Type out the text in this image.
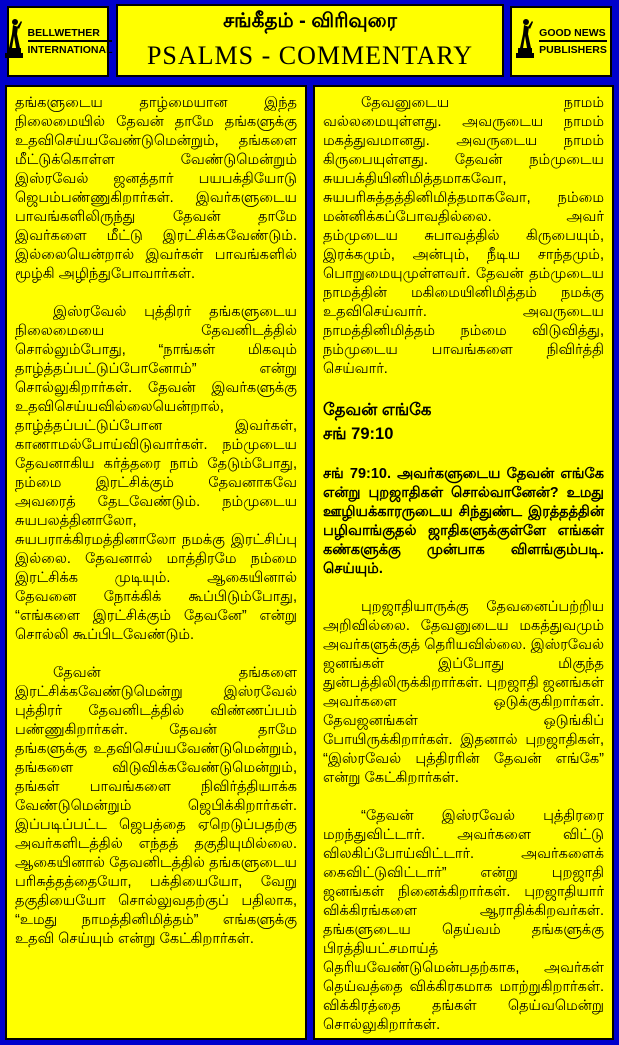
BELLWETHER
INTERNATIONAL
சங்கீதம் - விரிவுரை
PSALMS - COMMENTARY
GOOD NEWS
PUBLISHERS

தங்களுடைய தாழ்மையான இந்த நிலைமையில் தேவன் தாமே தங்களுக்கு உதவிசெய்யவேண்டுமென்றும், தங்களை மீட்டுக்கொள்ள வேண்டுமென்றும் இஸ்ரவேல் ஜனத்தார் பயபக்தியோடு ஜெபம்பண்ணுகிறார்கள். இவர்களுடைய பாவங்களிலிருந்து தேவன் தாமே இவர்களை மீட்டு இரட்சிக்கவேண்டும். இல்லையென்றால் இவர்கள் பாவங்களில் மூழ்கி அழிந்துபோவார்கள்.

இஸ்ரவேல் புத்திரர் தங்களுடைய நிலைமையை தேவனிடத்தில் சொல்லும்போது, “நாங்கள் மிகவும் தாழ்த்தப்பட்டுப்போனோம்” என்று சொல்லுகிறார்கள். தேவன் இவர்களுக்கு உதவிசெய்யவில்லையென்றால், தாழ்த்தப்பட்டுப்போன இவர்கள், காணாமல்போய்விடுவார்கள். நம்முடைய தேவனாகிய கர்த்தரை நாம் தேடும்போது, நம்மை இரட்சிக்கும் தேவனாகவே அவரைத் தேடவேண்டும். நம்முடைய சுயபலத்தினாலோ, சுயபராக்கிரமத்தினாலோ நமக்கு இரட்சிப்பு இல்லை. தேவனால் மாத்திரமே நம்மை இரட்சிக்க முடியும். ஆகையினால் தேவனை நோக்கிக் கூப்பிடும்போது, “எங்களை இரட்சிக்கும் தேவனே” என்று சொல்லி கூப்பிடவேண்டும்.

தேவன் தங்களை இரட்சிக்கவேண்டுமென்று இஸ்ரவேல் புத்திரர் தேவனிடத்தில் விண்ணப்பம் பண்ணுகிறார்கள். தேவன் தாமே தங்களுக்கு உதவிசெய்யவேண்டுமென்றும், தங்களை விடுவிக்கவேண்டுமென்றும், தங்கள் பாவங்களை நிவிர்த்தியாக்க வேண்டுமென்றும் ஜெபிக்கிறார்கள். இப்படிப்பட்ட ஜெபத்தை ஏறெடுப்பதற்கு அவர்களிடத்தில் எந்தத் தகுதியுமில்லை. ஆகையினால் தேவனிடத்தில் தங்களுடைய பரிசுத்தத்தையோ, பக்தியையோ, வேறு தகுதியையோ சொல்லுவதற்குப் பதிலாக, “உமது நாமத்தினிமித்தம்” எங்களுக்கு உதவி செய்யும் என்று கேட்கிறார்கள்.

தேவனுடைய நாமம் வல்லமையுள்ளது. அவருடைய நாமம் மகத்துவமானது. அவருடைய நாமம் கிருபையுள்ளது. தேவன் நம்முடைய சுயபக்தியினிமித்தமாகவோ, சுயபரிசுத்தத்தினிமித்தமாகவோ, நம்மை மன்னிக்கப்போவதில்லை. அவர் தம்முடைய சுபாவத்தில் கிருபையும், இரக்கமும், அன்பும், நீடிய சாந்தமும், பொறுமையுமுள்ளவர். தேவன் தம்முடைய நாமத்தின் மகிமையினிமித்தம் நமக்கு உதவிசெய்வார். அவருடைய நாமத்தினிமித்தம் நம்மை விடுவித்து, நம்முடைய பாவங்களை நிவிர்த்தி செய்வார்.

தேவன் எங்கே
சங் 79:10

சங் 79:10. அவர்களுடைய தேவன் எங்கே என்று புறஜாதிகள் சொல்வானேன்? உமது ஊழியக்காரருடைய சிந்துண்ட இரத்தத்தின் பழிவாங்குதல் ஜாதிகளுக்குள்ளே எங்கள் கண்களுக்கு முன்பாக விளங்கும்படி. செய்யும்.

புறஜாதியாருக்கு தேவனைப்பற்றிய அறிவில்லை. தேவனுடைய மகத்துவமும் அவர்களுக்குத் தெரியவில்லை. இஸ்ரவேல் ஜனங்கள் இப்போது மிகுந்த துன்பத்திலிருக்கிறார்கள். புறஜாதி ஜனங்கள் அவர்களை ஒடுக்குகிறார்கள். தேவஜனங்கள் ஒடுங்கிப் போயிருக்கிறார்கள். இதனால் புறஜாதிகள், “இஸ்ரவேல் புத்திரரின் தேவன் எங்கே” என்று கேட்கிறார்கள்.

“தேவன் இஸ்ரவேல் புத்திரரை மறந்துவிட்டார். அவர்களை விட்டு விலகிப்போய்விட்டார். அவர்களைக் கைவிட்டுவிட்டார்” என்று புறஜாதி ஜனங்கள் நினைக்கிறார்கள். புறஜாதியார் விக்கிரங்களை ஆராதிக்கிறவர்கள். தங்களுடைய தெய்வம் தங்களுக்கு பிரத்தியட்சமாய்த் தெரியவேண்டுமென்பதற்காக, அவர்கள் தெய்வத்தை விக்கிரகமாக மாற்றுகிறார்கள். விக்கிரத்தை தங்கள் தெய்வமென்று சொல்லுகிறார்கள்.
